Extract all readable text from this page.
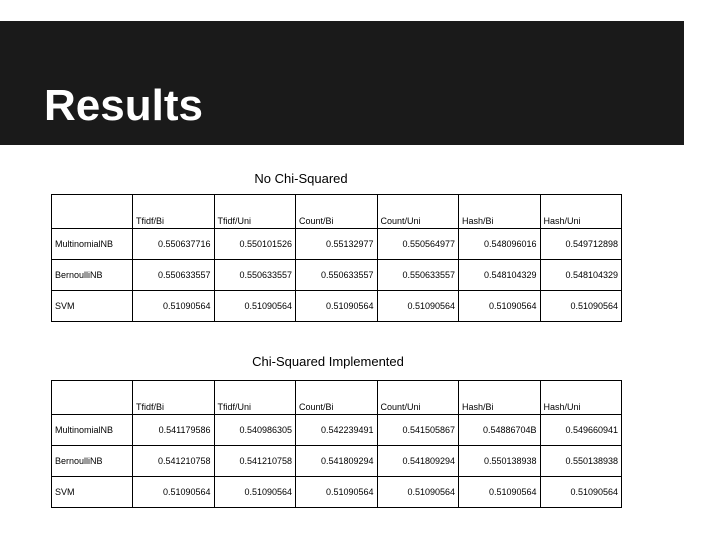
Results
No Chi-Squared
	Tfidf/Bi	Tfidf/Uni	Count/Bi	Count/Uni	Hash/Bi	Hash/Uni
MultinomialNB	0.550637716	0.550101526	0.55132977	0.550564977	0.548096016	0.549712898
BernoulliNB	0.550633557	0.550633557	0.550633557	0.550633557	0.548104329	0.548104329
SVM	0.51090564	0.51090564	0.51090564	0.51090564	0.51090564	0.51090564
Chi-Squared Implemented
	Tfidf/Bi	Tfidf/Uni	Count/Bi	Count/Uni	Hash/Bi	Hash/Uni
MultinomialNB	0.541179586	0.540986305	0.542239491	0.541505867	0.54886704B	0.549660941
BernoulliNB	0.541210758	0.541210758	0.541809294	0.541809294	0.550138938	0.550138938
SVM	0.51090564	0.51090564	0.51090564	0.51090564	0.51090564	0.51090564
